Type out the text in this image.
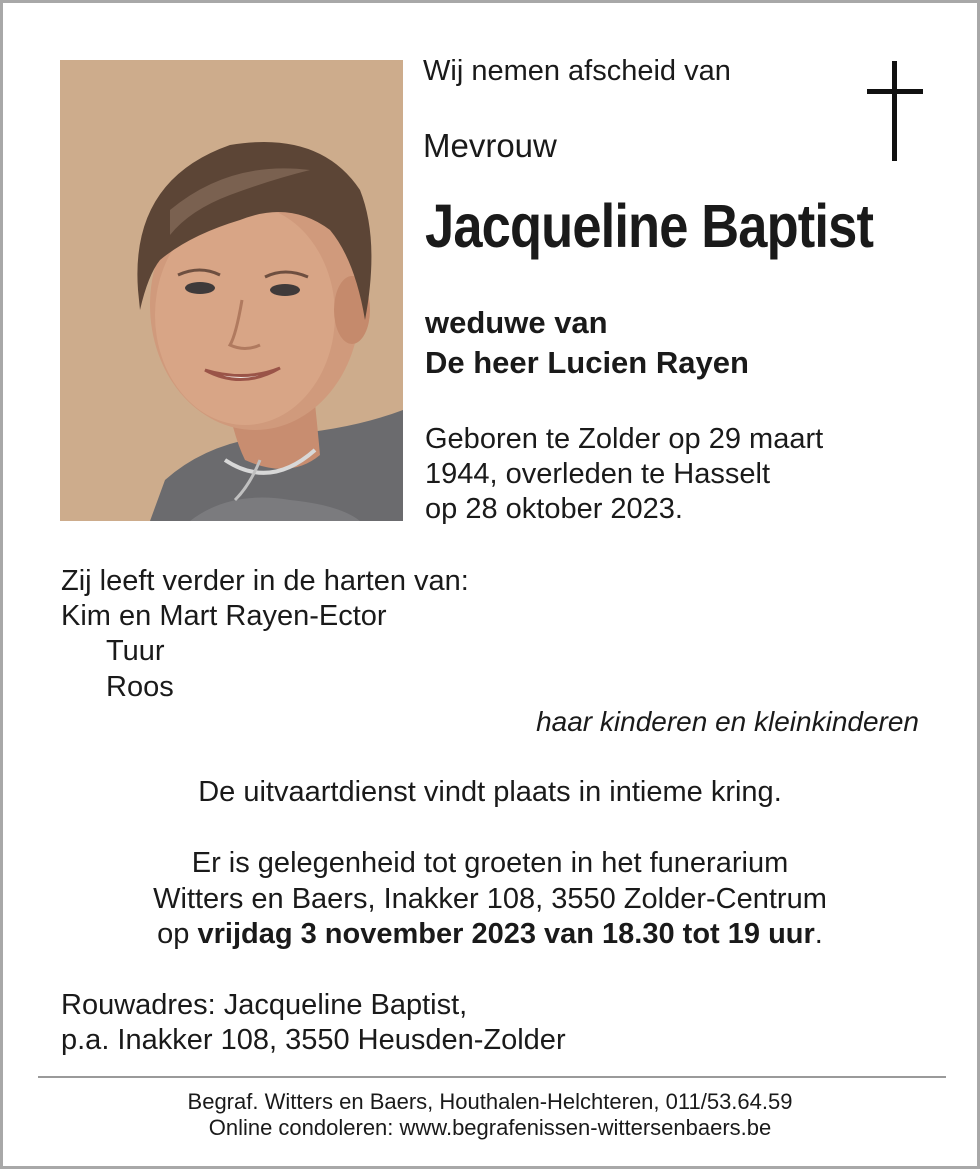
Wij nemen afscheid van
Mevrouw
Jacqueline Baptist
weduwe van
De heer Lucien Rayen
Geboren te Zolder op 29 maart
1944, overleden te Hasselt
op 28 oktober 2023.
Zij leeft verder in de harten van:
Kim en Mart Rayen-Ector
Tuur
Roos
haar kinderen en kleinkinderen
De uitvaartdienst vindt plaats in intieme kring.
Er is gelegenheid tot groeten in het funerarium
Witters en Baers, Inakker 108, 3550 Zolder-Centrum
op vrijdag 3 november 2023 van 18.30 tot 19 uur.
Rouwadres: Jacqueline Baptist,
p.a. Inakker 108, 3550 Heusden-Zolder
Begraf. Witters en Baers, Houthalen-Helchteren, 011/53.64.59
Online condoleren: www.begrafenissen-wittersenbaers.be
